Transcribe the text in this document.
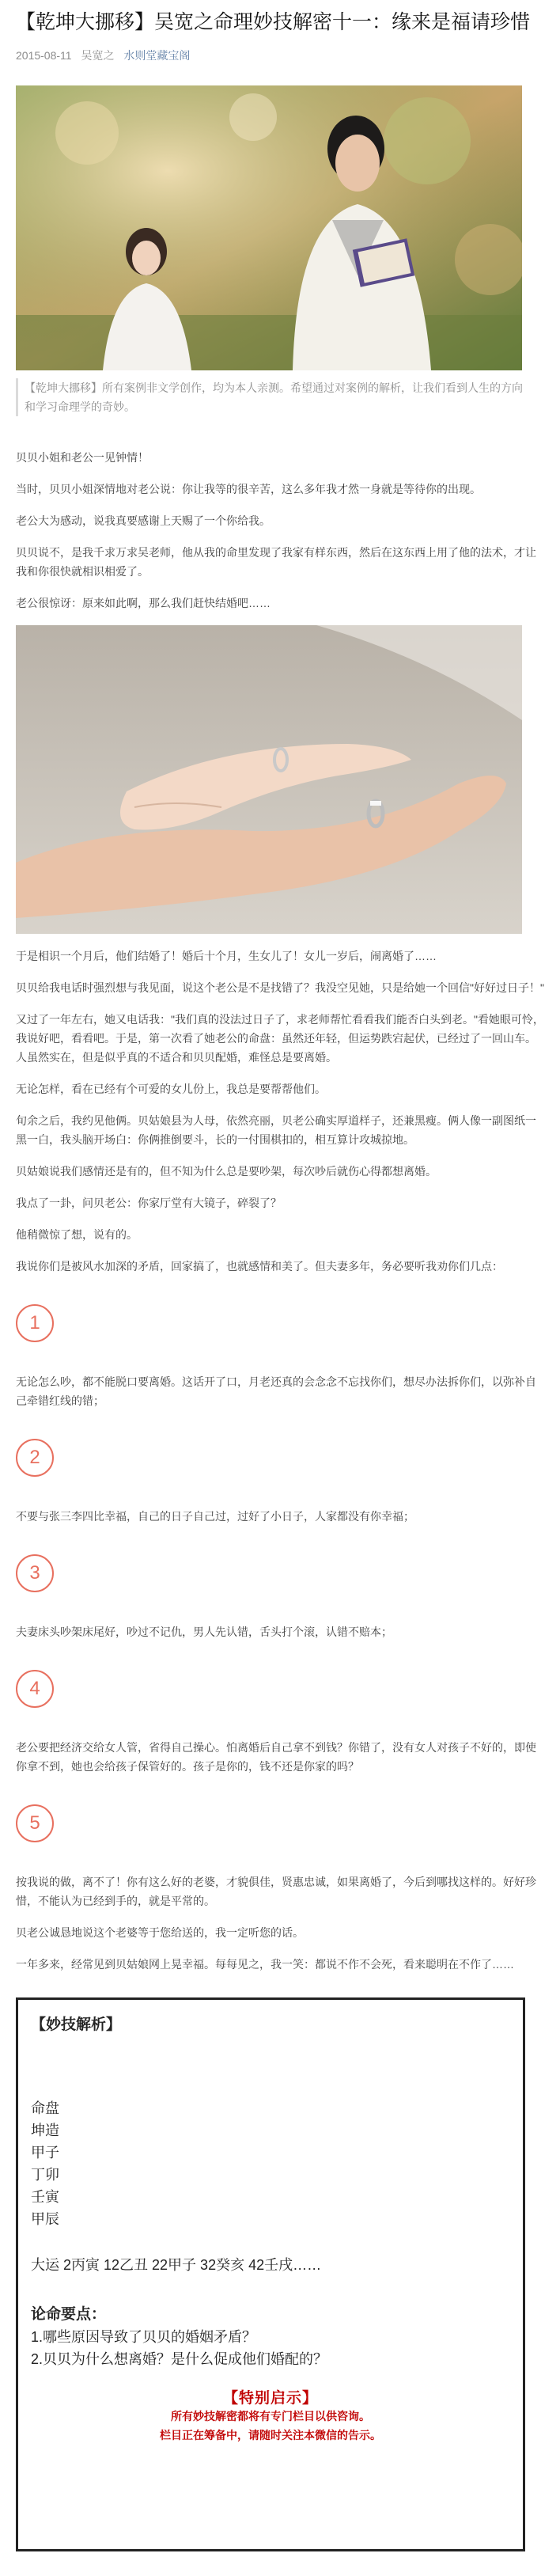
【乾坤大挪移】吴宽之命理妙技解密十一：缘来是福请珍惜
2015-08-11 吴宽之 水则堂藏宝阁
【乾坤大挪移】所有案例非文学创作，均为本人亲测。希望通过对案例的解析，让我们看到人生的方向和学习命理学的奇妙。

贝贝小姐和老公一见钟情！

当时，贝贝小姐深情地对老公说：你让我等的很辛苦，这么多年我才然一身就是等待你的出现。

老公大为感动，说我真要感谢上天赐了一个你给我。

贝贝说不，是我千求万求吴老师，他从我的命里发现了我家有样东西，然后在这东西上用了他的法术，才让我和你很快就相识相爱了。

老公很惊讶：原来如此啊，那么我们赶快结婚吧……

于是相识一个月后，他们结婚了！婚后十个月，生女儿了！女儿一岁后，闹离婚了……

贝贝给我电话时强烈想与我见面，说这个老公是不是找错了？我没空见她，只是给她一个回信"好好过日子！"

又过了一年左右，她又电话我："我们真的没法过日子了，求老师帮忙看看我们能否白头到老。"看她眼可怜，我说好吧，看看吧。于是，第一次看了她老公的命盘：虽然还年轻，但运势跌宕起伏，已经过了一回山车。人虽然实在，但是似乎真的不适合和贝贝配婚，难怪总是要离婚。

无论怎样，看在已经有个可爱的女儿份上，我总是要帮帮他们。

旬余之后，我约见他俩。贝姑娘县为人母，依然亮丽，贝老公确实厚道样子，还兼黑瘦。俩人像一副图纸一黑一白，我头脑开场白：你俩推倒要斗，长的一付围棋扣的，相互算计攻城掠地。

贝姑娘说我们感情还是有的，但不知为什么总是要吵架，每次吵后就伤心得都想离婚。

我点了一卦，问贝老公：你家厅堂有大镜子，碎裂了？

他稍微惊了想，说有的。

我说你们是被风水加深的矛盾，回家搞了，也就感情和美了。但夫妻多年，务必要听我劝你们几点：

1

无论怎么吵，都不能脱口要离婚。这话开了口，月老还真的会念念不忘找你们，想尽办法拆你们，以弥补自己牵错红线的错；

2

不要与张三李四比幸福，自己的日子自己过，过好了小日子，人家都没有你幸福；

3

夫妻床头吵架床尾好，吵过不记仇，男人先认错，舌头打个滚，认错不赔本；

4

老公要把经济交给女人管，省得自己操心。怕离婚后自己拿不到钱？你错了，没有女人对孩子不好的，即使你拿不到，她也会给孩子保管好的。孩子是你的，钱不还是你家的吗？

5

按我说的做，离不了！你有这么好的老婆，才貌俱佳，贤惠忠诚，如果离婚了，今后到哪找这样的。好好珍惜，不能认为已经到手的，就是平常的。

贝老公诚恳地说这个老婆等于您给送的，我一定听您的话。

一年多来，经常见到贝姑娘网上晃幸福。每每见之，我一笑：都说不作不会死，看来聪明在不作了……

【妙技解析】
命盘
坤造
甲子
丁卯
壬寅
甲辰
大运 2丙寅 12乙丑 22甲子 32癸亥 42壬戌……
论命要点：
1.哪些原因导致了贝贝的婚姻矛盾？
2.贝贝为什么想离婚？是什么促成他们婚配的？
【特别启示】
所有妙技解密都将有专门栏目以供咨询。
栏目正在筹备中，请随时关注本微信的告示。
